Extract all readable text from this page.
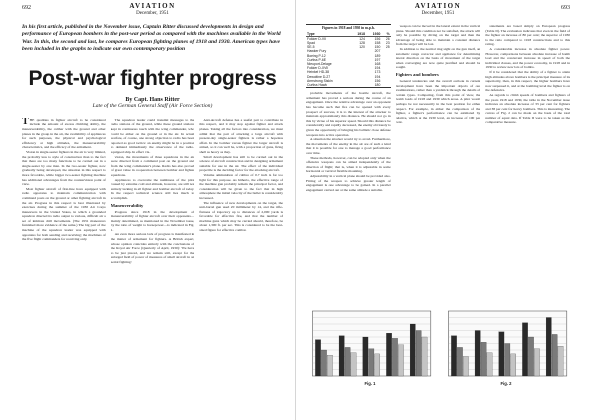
692	AVIATION
December, 1951

In his first article, published in the November issue, Captain Ritter discussed developments in design and performance of European bombers in the post-war period as compared with the machines available in the World War. In this, the second and last, he compares European fighting planes of 1918 and 1930. American types have been included in the graphs to indicate our own contemporary position

Post-war fighter progress
By Capt. Hans Ritter
Late of the German General Staff (Air Force Section)

THE qualities in fighter aircraft to be considered include the amount of excess climbing ability, the maneuverability, the caliber with the ground and other planes in the group in the air, the availability of appliances for such purposes, the physical and psychological efficiency at high altitudes, the maneuverability characteristics, and the efficacy of the armament.

Vision in single-seater fighters in the air is very limited, the probably less to style of construction than to the fact that there are too many functions to be carried out in a single-seater by one man. In the two-seater fighter, now gradually being developed, the situation in this respect is more favorable, while bigger two-seater fighting machine has additional advantages from the countervision point of view.

Most fighter aircraft of first-line have equipped with radio apparatus to maintain communication with command posts on the ground or other fighting aircraft in the air. Progress in this respect is best illustrated by exercises during the summer of the 1930 Air Corps maneuvers in the United States, in which a grounded squadron directed its radio output to various, difficult air a set of intimate drill movements. (The 1931 maneuvers furnished more evidence of the same.) The big part of the machine of the squadron leader was equipped with apparatus for both sending and receiving; the machines of the five flight commanders for receiving only.

The squadron leader could transmit messages to the radio stations of the ground, while these ground stations kept in continuous touch with the wing commander, who could be either on the ground or in the air. In actual warfare, of course, one strong objection to radio has been reported as good tactics: an enemy might be in a position to demand immediately the observance of the radio-equipped ship. In effect vis-

vision, the movements of three squadrons in the air were directed from a command post on the ground and from the wing commander's plane. Radio has also proved of great value in cooperation between bomber and fighter squadrons.

Appliances to overcome the numbness of the pilot caused by extreme cold and altitude, however, are still not entirely lacking in all fighter and bomber aircraft of today. In the respect technical science still lies much to accomplish.

Maneuverability

Progress since 1918 in the development of maneuverability of fighter aircraft over their opponents—mainly determined, as mentioned in the November issue, by the ratio of weight to horsepower—is indicated in Fig. 1.

An even more serious lack of progress is manifested in the matter of armament for fighters. A British expert, whose opinion coincides entirely with the conclusions of the Royal Air Force (Quarterly of April, 1930): 'We have to be just placed, and we remain still, except for the enlarged field of power of measures of small aircraft in an aerial fighting.'

Anti-aircraft defense has a useful part to contribute in this respect, and it may stop against fighter and attack planes. Taking all the factors into consideration, we must admit that the part of attacking a large aircraft with present-day single-seater fighters is rather a hopeless affair. In the bomber versus fighter the larger aircraft is armed, so it can well be, with a proportion of guns, firing shell as heavy as they.

Small development has still to be carried out in the science of aircraft construction and in designing armament suitable for use in the air. The effect of the individual projectile is the deciding factor for the attacking aircraft.

Volume ammunition of calibre of 0.7 inch is far too light for this purpose. As hitherto, the effective range of the machine gun probably remain the principal factor, and consideration will be given to the fact that in high atmosphere the initial velocity of the bullet is considerably increased.

The influence of new developments on the target, the unit-barrel gun used 20 millimeter by 14, and the rifle-flatness of trajectory up to distances of 2,000 yards is favorable for effective fire, and that the number of machine guns which may be carried should, therefore, be about 1,300 ft. per sec. This is considered to be the best-sized figure for effective combat.

AVIATION
December, 1951
693
Figures in 1918 and 1930 in m.p.h.
Type	1918	1930	%
Fokker D-VII	124	156	26
Spad	128	158	23
SE-5	120	150	25
Hawker Fury		207	
Boeing P-12		189	
Curtiss P-6E		197	
Nieuport-Delage		168	
Fokker D-XVII		194	
Heinkel HD-38		173	
Dewoitine D-27		194	
Armstrong Siskin		156	
Curtiss Hawk		180	

probable movements of the hostile aircraft, the armament has proved a serious during the course of an engagement. Once the relative advantage over an opponent has become such that fire can be opened with every prospect of success, it is to the interest of the attacker to maintain approximately this distance. He should not go in this by virtue of his superior speed. Should this distance be considerably and rapidly decreased, the enemy obviously is given the opportunity of bringing his ballistic close defense weapons into active operation.

A situation the attacker would try to avoid. Furthermore, the movements of the enemy in the air are of such a kind that it is possible for one to manage a good performance over time.

These methods, however, can be adopted only when the offensive weapons can be aimed independently of the direction of flight; that is, when it is adjustable in some horizontal or vertical flexible mounting.

Adjustability in a vertical plane should be provided also. Fitting of the weapon to achieve greater length of engagement is one advantage to be gained. In a parallel engagement carried out at the same altitude a suitable.

weapon can be moved in the lateral extent in the vertical plane. Should this condition not be satisfied, the attack will only be possible by diving on the target and then the advantage of being able to maintain a constant distance from the target will be lost.

In addition to the normal ring sight on the gun itself, an automatic range corrector and appliance for determining lateral direction on the basis of movement of the target when converging are now quite justified and should be sought.

Fighters and bombers

General tendencies and the overall outlook in current development have been the important objects of our examinations, rather than a yardstick through the details of certain types. Comparing, from this point of view, the bomb loads of 1918 and 1930 which arose. A pilot would perhaps be not necessarily in the best position for either respect. For example, in either the comparison of the fighter, a fighter's performance can be estimated by relative, which at the 1930 level, an increase of 100 per cent.

statements are based simply on European progress (Table II). The evaluation indicates that even in the field of the fighter an increase of 80 per cent; the superior of 1930 is the ratio compared to 1918 constructions and to this rating.

A considerable increase in absolute fighter power. However, comparisons between absolute increase of bomb load and the concurrent increase in speed of both the individual classes, and the power economy, in 1918 and in 1930 to review new lots of bombs.

If it be considered that the ability of a fighter to attain high altitudes above bombers is the principal measure of its superiority, then, in this respect, the higher bombers have now surpassed it, and at the bombing level the fighter is on the defensive.

As regards to climb speeds of bombers and fighters of the years 1918 and 1930, the table in the November issue indicates an absolute increase of 33 per cent for fighters and 38 per cent for heavy bombers. This is interesting. The curves of Fig. 2 can be made on the basis of the total number of equal data. If Table II were to be taken as the comparative measure.

Fig. 1	Fig. 2
